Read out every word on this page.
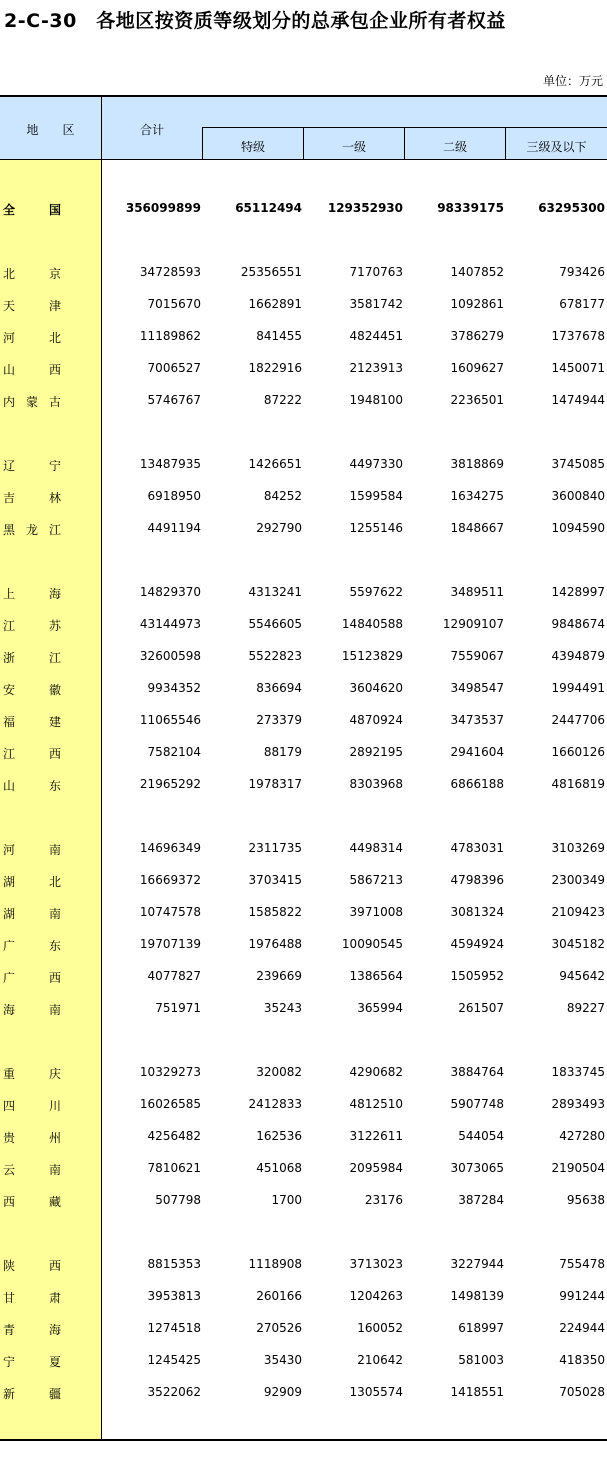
2-C-30　各地区按资质等级划分的总承包企业所有者权益
单位：万元
地　　区	合计
特级	一级	二级	三级及以下
全	国	356099899	65112494	129352930	98339175	63295300
北	京	34728593	25356551	7170763	1407852	793426
天	津	7015670	1662891	3581742	1092861	678177
河	北	11189862	841455	4824451	3786279	1737678
山	西	7006527	1822916	2123913	1609627	1450071
内 蒙 古	5746767	87222	1948100	2236501	1474944
辽	宁	13487935	1426651	4497330	3818869	3745085
吉	林	6918950	84252	1599584	1634275	3600840
黑 龙 江	4491194	292790	1255146	1848667	1094590
上	海	14829370	4313241	5597622	3489511	1428997
江	苏	43144973	5546605	14840588	12909107	9848674
浙	江	32600598	5522823	15123829	7559067	4394879
安	徽	9934352	836694	3604620	3498547	1994491
福	建	11065546	273379	4870924	3473537	2447706
江	西	7582104	88179	2892195	2941604	1660126
山	东	21965292	1978317	8303968	6866188	4816819
河	南	14696349	2311735	4498314	4783031	3103269
湖	北	16669372	3703415	5867213	4798396	2300349
湖	南	10747578	1585822	3971008	3081324	2109423
广	东	19707139	1976488	10090545	4594924	3045182
广	西	4077827	239669	1386564	1505952	945642
海	南	751971	35243	365994	261507	89227
重	庆	10329273	320082	4290682	3884764	1833745
四	川	16026585	2412833	4812510	5907748	2893493
贵	州	4256482	162536	3122611	544054	427280
云	南	7810621	451068	2095984	3073065	2190504
西	藏	507798	1700	23176	387284	95638
陕	西	8815353	1118908	3713023	3227944	755478
甘	肃	3953813	260166	1204263	1498139	991244
青	海	1274518	270526	160052	618997	224944
宁	夏	1245425	35430	210642	581003	418350
新	疆	3522062	92909	1305574	1418551	705028
